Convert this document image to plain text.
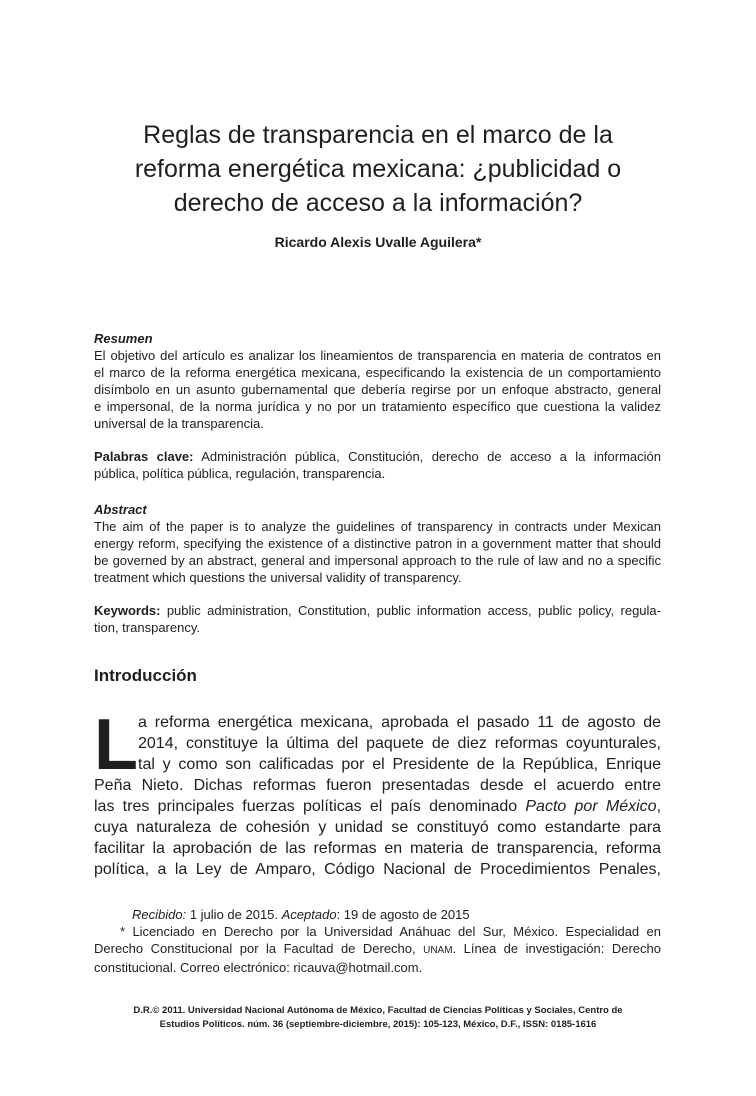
Reglas de transparencia en el marco de la
reforma energética mexicana: ¿publicidad o
derecho de acceso a la información?
Ricardo Alexis Uvalle Aguilera*
Resumen
El objetivo del artículo es analizar los lineamientos de transparencia en materia de contratos en
el marco de la reforma energética mexicana, especificando la existencia de un comportamiento
disímbolo en un asunto gubernamental que debería regirse por un enfoque abstracto, general
e impersonal, de la norma jurídica y no por un tratamiento específico que cuestiona la validez
universal de la transparencia.
Palabras clave: Administración pública, Constitución, derecho de acceso a la información
pública, política pública, regulación, transparencia.
Abstract
The aim of the paper is to analyze the guidelines of transparency in contracts under Mexican
energy reform, specifying the existence of a distinctive patron in a government matter that should
be governed by an abstract, general and impersonal approach to the rule of law and no a specific
treatment which questions the universal validity of transparency.
Keywords: public administration, Constitution, public information access, public policy, regula-
tion, transparency.
Introducción
L a reforma energética mexicana, aprobada el pasado 11 de agosto de
2014, constituye la última del paquete de diez reformas coyunturales,
tal y como son calificadas por el Presidente de la República, Enrique
Peña Nieto. Dichas reformas fueron presentadas desde el acuerdo entre
las tres principales fuerzas políticas el país denominado Pacto por México,
cuya naturaleza de cohesión y unidad se constituyó como estandarte para
facilitar la aprobación de las reformas en materia de transparencia, reforma
política, a la Ley de Amparo, Código Nacional de Procedimientos Penales,
Recibido: 1 julio de 2015. Aceptado: 19 de agosto de 2015
* Licenciado en Derecho por la Universidad Anáhuac del Sur, México. Especialidad en
Derecho Constitucional por la Facultad de Derecho, UNAM. Línea de investigación: Derecho
constitucional. Correo electrónico: ricauva@hotmail.com.
D.R.© 2011. Universidad Nacional Autónoma de México, Facultad de Ciencias Políticas y Sociales, Centro de
Estudios Políticos. núm. 36 (septiembre-diciembre, 2015): 105-123, México, D.F., ISSN: 0185-1616
